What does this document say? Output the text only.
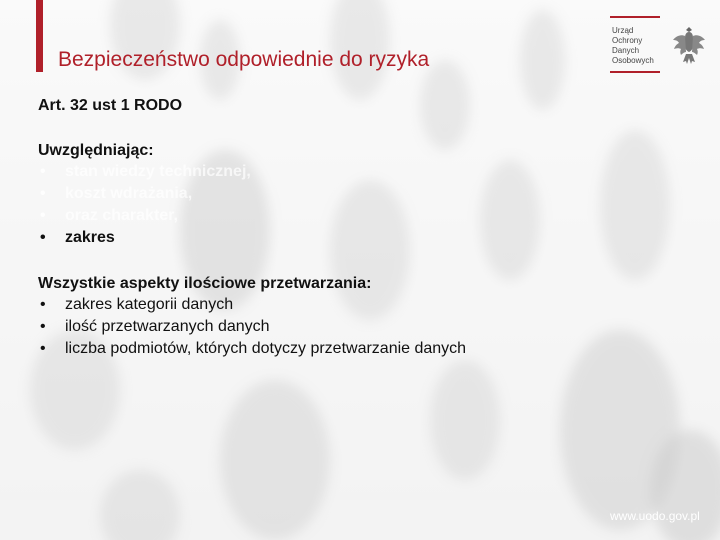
Bezpieczeństwo odpowiednie do ryzyka
Urząd
Ochrony
Danych
Osobowych
Art. 32 ust 1 RODO
Uwzględniając:
• stan wiedzy technicznej,
• koszt wdrażania,
• oraz charakter,
• zakres
Wszystkie aspekty ilościowe przetwarzania:
• zakres kategorii danych
• ilość przetwarzanych danych
• liczba podmiotów, których dotyczy przetwarzanie danych
www.uodo.gov.pl
